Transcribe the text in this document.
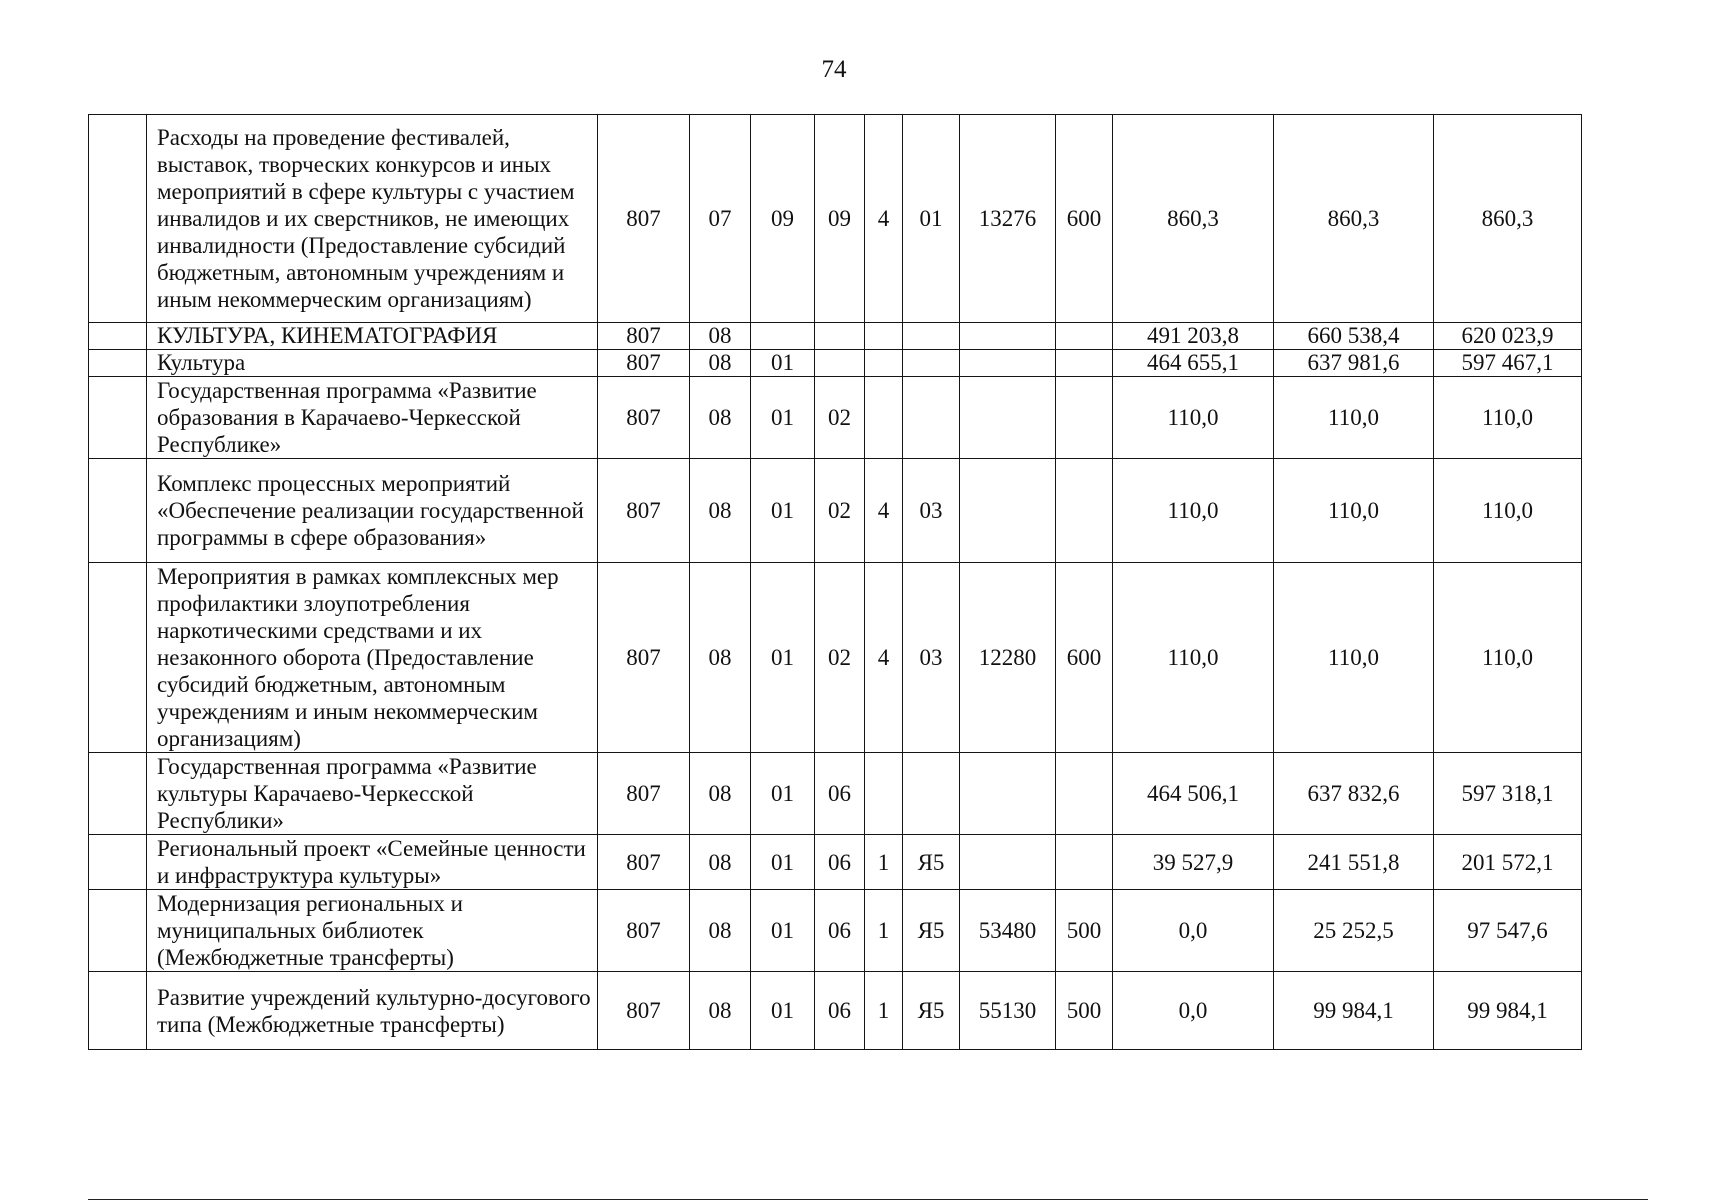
74
	Расходы на проведение фестивалей, выставок, творческих конкурсов и иных мероприятий в сфере культуры с участием инвалидов и их сверстников, не имеющих инвалидности (Предоставление субсидий бюджетным, автономным учреждениям и иным некоммерческим организациям)	807	07	09	09	4	01	13276	600	860,3	860,3	860,3
	КУЛЬТУРА, КИНЕМАТОГРАФИЯ	807	08							491 203,8	660 538,4	620 023,9
	Культура	807	08	01						464 655,1	637 981,6	597 467,1
	Государственная программа «Развитие образования в Карачаево-Черкесской Республике»	807	08	01	02					110,0	110,0	110,0
	Комплекс процессных мероприятий «Обеспечение реализации государственной программы в сфере образования»	807	08	01	02	4	03			110,0	110,0	110,0
	Мероприятия в рамках комплексных мер профилактики злоупотребления наркотическими средствами и их незаконного оборота (Предоставление субсидий бюджетным, автономным учреждениям и иным некоммерческим организациям)	807	08	01	02	4	03	12280	600	110,0	110,0	110,0
	Государственная программа «Развитие культуры Карачаево-Черкесской Республики»	807	08	01	06					464 506,1	637 832,6	597 318,1
	Региональный проект «Семейные ценности и инфраструктура культуры»	807	08	01	06	1	Я5			39 527,9	241 551,8	201 572,1
	Модернизация региональных и муниципальных библиотек (Межбюджетные трансферты)	807	08	01	06	1	Я5	53480	500	0,0	25 252,5	97 547,6
	Развитие учреждений культурно-досугового типа (Межбюджетные трансферты)	807	08	01	06	1	Я5	55130	500	0,0	99 984,1	99 984,1
